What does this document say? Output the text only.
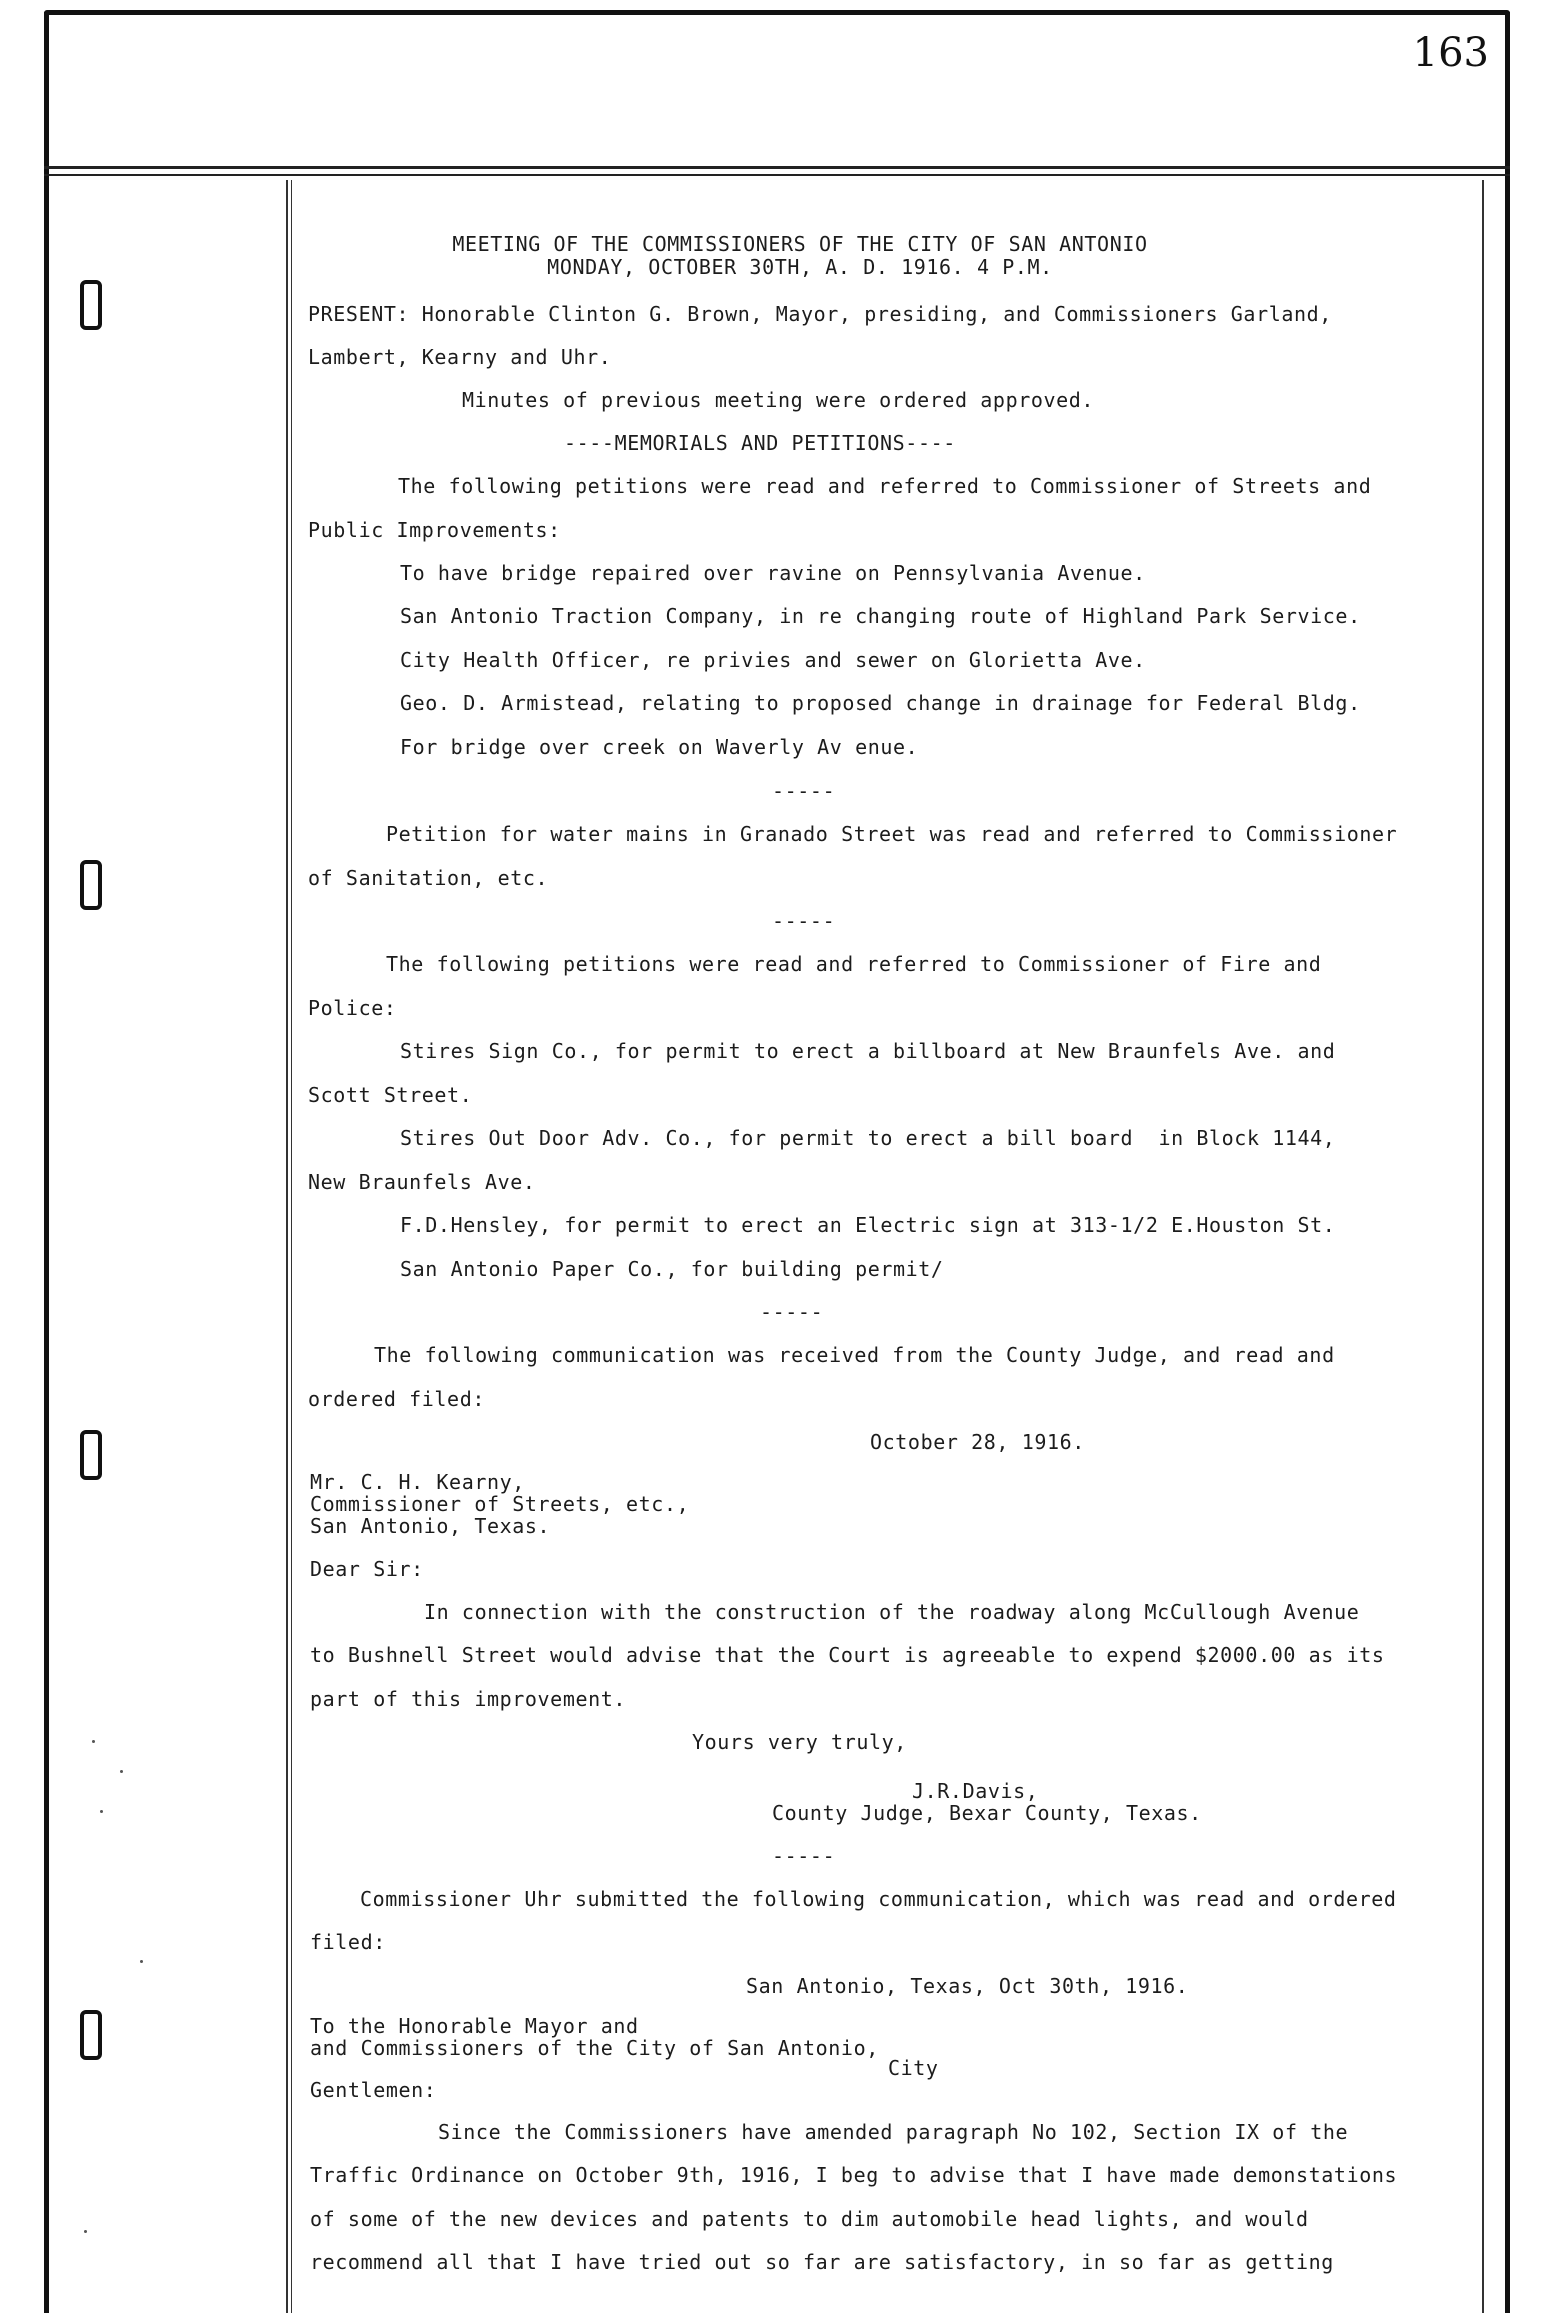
163
MEETING OF THE COMMISSIONERS OF THE CITY OF SAN ANTONIO
MONDAY, OCTOBER 30TH, A. D. 1916. 4 P.M.
PRESENT: Honorable Clinton G. Brown, Mayor, presiding, and Commissioners Garland,
Lambert, Kearny and Uhr.
Minutes of previous meeting were ordered approved.
----MEMORIALS AND PETITIONS----
The following petitions were read and referred to Commissioner of Streets and
Public Improvements:
To have bridge repaired over ravine on Pennsylvania Avenue.
San Antonio Traction Company, in re changing route of Highland Park Service.
City Health Officer, re privies and sewer on Glorietta Ave.
Geo. D. Armistead, relating to proposed change in drainage for Federal Bldg.
For bridge over creek on Waverly Av enue.
-----
Petition for water mains in Granado Street was read and referred to Commissioner
of Sanitation, etc.
-----
The following petitions were read and referred to Commissioner of Fire and
Police:
Stires Sign Co., for permit to erect a billboard at New Braunfels Ave. and
Scott Street.
Stires Out Door Adv. Co., for permit to erect a bill board  in Block 1144,
New Braunfels Ave.
F.D.Hensley, for permit to erect an Electric sign at 313-1/2 E.Houston St.
San Antonio Paper Co., for building permit/
-----
The following communication was received from the County Judge, and read and
ordered filed:
October 28, 1916.
Mr. C. H. Kearny,
Commissioner of Streets, etc.,
San Antonio, Texas.
Dear Sir:
In connection with the construction of the roadway along McCullough Avenue
to Bushnell Street would advise that the Court is agreeable to expend $2000.00 as its
part of this improvement.
Yours very truly,
J.R.Davis,
County Judge, Bexar County, Texas.
-----
Commissioner Uhr submitted the following communication, which was read and ordered
filed:
San Antonio, Texas, Oct 30th, 1916.
To the Honorable Mayor and
and Commissioners of the City of San Antonio,
City
Gentlemen:
Since the Commissioners have amended paragraph No 102, Section IX of the
Traffic Ordinance on October 9th, 1916, I beg to advise that I have made demonstations
of some of the new devices and patents to dim automobile head lights, and would
recommend all that I have tried out so far are satisfactory, in so far as getting
